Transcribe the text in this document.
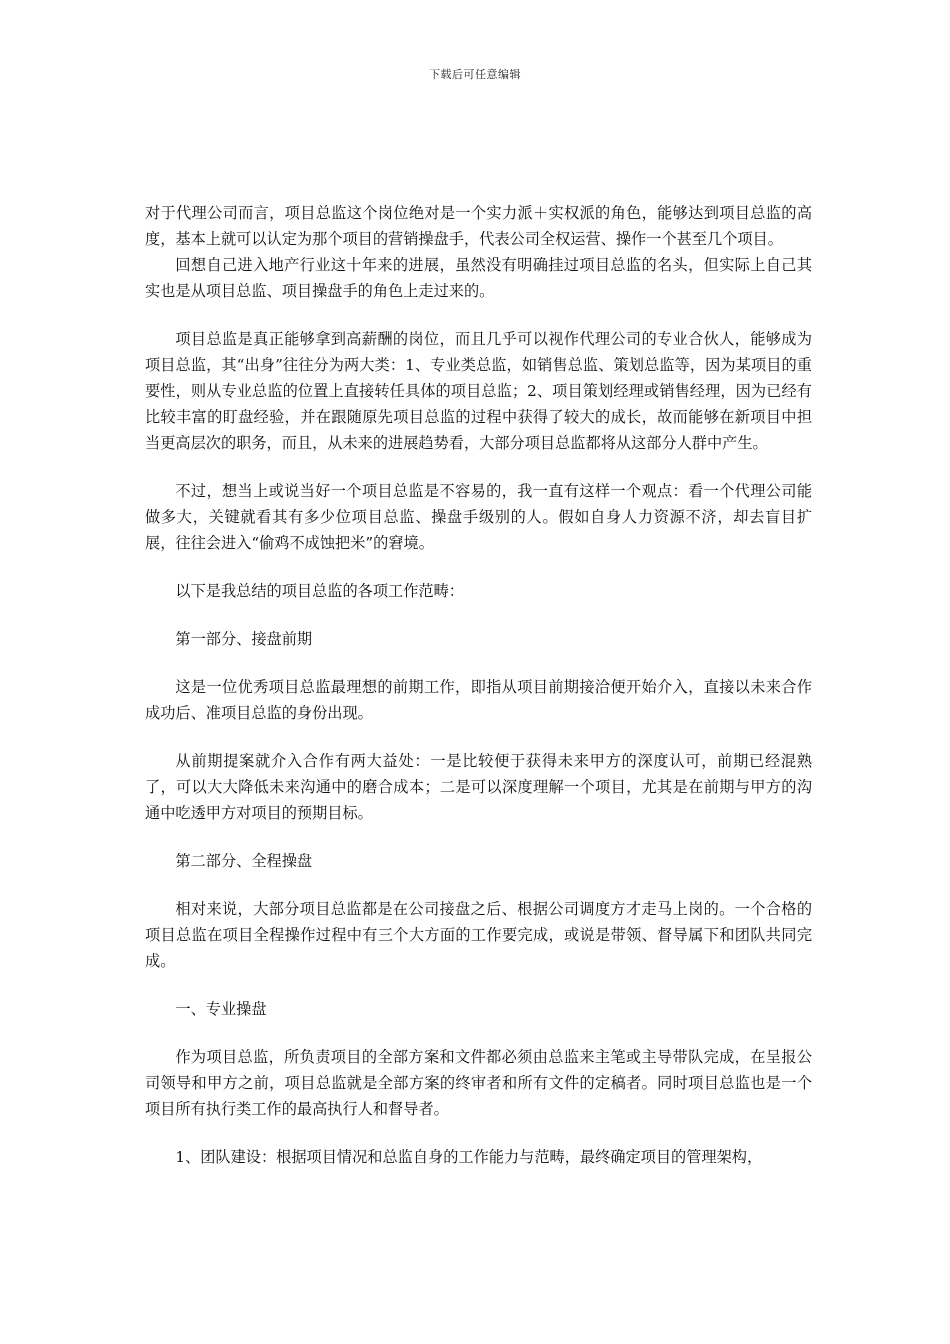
下载后可任意编辑

对于代理公司而言，项目总监这个岗位绝对是一个实力派＋实权派的角色，能够达到项目总监的高度，基本上就可以认定为那个项目的营销操盘手，代表公司全权运营、操作一个甚至几个项目。

回想自己进入地产行业这十年来的进展，虽然没有明确挂过项目总监的名头，但实际上自己其实也是从项目总监、项目操盘手的角色上走过来的。

项目总监是真正能够拿到高薪酬的岗位，而且几乎可以视作代理公司的专业合伙人，能够成为项目总监，其“出身”往往分为两大类：1、专业类总监，如销售总监、策划总监等，因为某项目的重要性，则从专业总监的位置上直接转任具体的项目总监；2、项目策划经理或销售经理，因为已经有比较丰富的盯盘经验，并在跟随原先项目总监的过程中获得了较大的成长，故而能够在新项目中担当更高层次的职务，而且，从未来的进展趋势看，大部分项目总监都将从这部分人群中产生。

不过，想当上或说当好一个项目总监是不容易的，我一直有这样一个观点：看一个代理公司能做多大，关键就看其有多少位项目总监、操盘手级别的人。假如自身人力资源不济，却去盲目扩展，往往会进入“偷鸡不成蚀把米”的窘境。

以下是我总结的项目总监的各项工作范畴：

第一部分、接盘前期

这是一位优秀项目总监最理想的前期工作，即指从项目前期接洽便开始介入，直接以未来合作成功后、准项目总监的身份出现。

从前期提案就介入合作有两大益处：一是比较便于获得未来甲方的深度认可，前期已经混熟了，可以大大降低未来沟通中的磨合成本；二是可以深度理解一个项目，尤其是在前期与甲方的沟通中吃透甲方对项目的预期目标。

第二部分、全程操盘

相对来说，大部分项目总监都是在公司接盘之后、根据公司调度方才走马上岗的。一个合格的项目总监在项目全程操作过程中有三个大方面的工作要完成，或说是带领、督导属下和团队共同完成。

一、专业操盘

作为项目总监，所负责项目的全部方案和文件都必须由总监来主笔或主导带队完成，在呈报公司领导和甲方之前，项目总监就是全部方案的终审者和所有文件的定稿者。同时项目总监也是一个项目所有执行类工作的最高执行人和督导者。

1、团队建设：根据项目情况和总监自身的工作能力与范畴，最终确定项目的管理架构，
